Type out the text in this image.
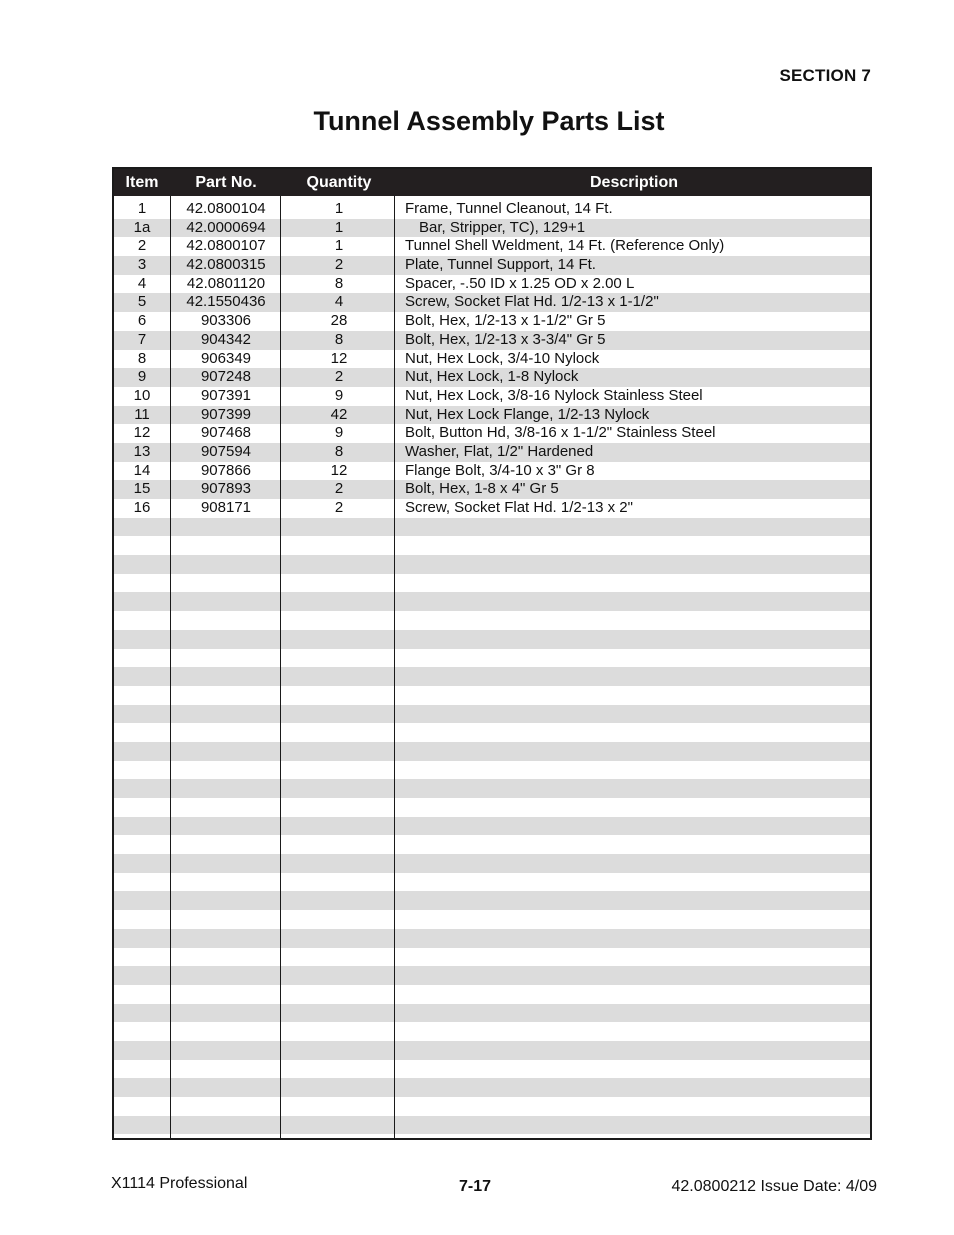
SECTION 7
Tunnel Assembly Parts List
Item	Part No.	Quantity	Description
1	42.0800104	1	Frame, Tunnel Cleanout, 14 Ft.
1a	42.0000694	1	Bar, Stripper, TC), 129+1
2	42.0800107	1	Tunnel Shell Weldment, 14 Ft. (Reference Only)
3	42.0800315	2	Plate, Tunnel Support, 14 Ft.
4	42.0801120	8	Spacer, -.50 ID x 1.25 OD x 2.00 L
5	42.1550436	4	Screw, Socket Flat Hd. 1/2-13 x 1-1/2"
6	903306	28	Bolt, Hex, 1/2-13 x 1-1/2" Gr 5
7	904342	8	Bolt, Hex, 1/2-13 x 3-3/4" Gr 5
8	906349	12	Nut, Hex Lock, 3/4-10 Nylock
9	907248	2	Nut, Hex Lock, 1-8 Nylock
10	907391	9	Nut, Hex Lock, 3/8-16 Nylock Stainless Steel
11	907399	42	Nut, Hex Lock Flange, 1/2-13 Nylock
12	907468	9	Bolt, Button Hd, 3/8-16 x 1-1/2" Stainless Steel
13	907594	8	Washer, Flat, 1/2" Hardened
14	907866	12	Flange Bolt, 3/4-10 x 3" Gr 8
15	907893	2	Bolt, Hex, 1-8 x 4" Gr 5
16	908171	2	Screw, Socket Flat Hd. 1/2-13 x 2"
X1114 Professional	7-17	42.0800212 Issue Date: 4/09
